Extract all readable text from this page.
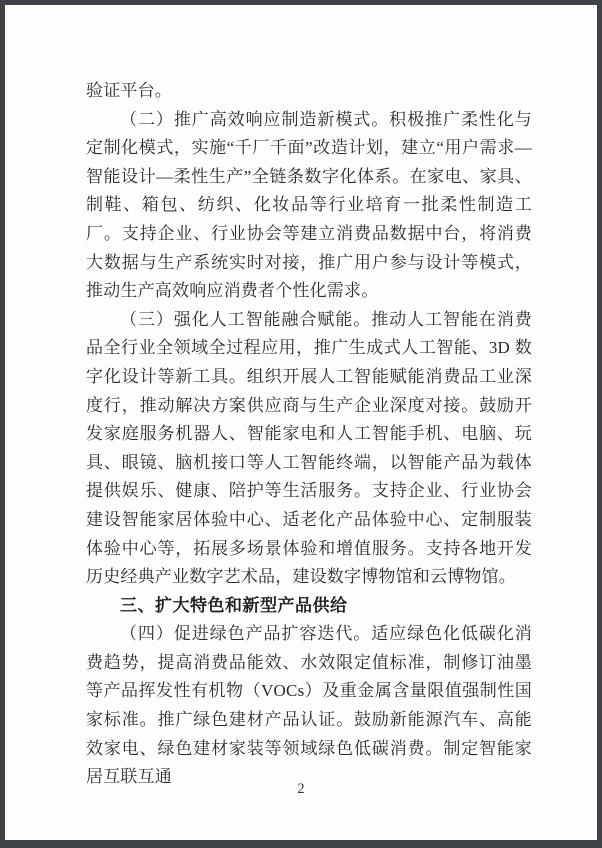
验证平台。

（二）推广高效响应制造新模式。积极推广柔性化与定制化模式，实施“千厂千面”改造计划，建立“用户需求—智能设计—柔性生产”全链条数字化体系。在家电、家具、制鞋、箱包、纺织、化妆品等行业培育一批柔性制造工厂。支持企业、行业协会等建立消费品数据中台，将消费大数据与生产系统实时对接，推广用户参与设计等模式，推动生产高效响应消费者个性化需求。

（三）强化人工智能融合赋能。推动人工智能在消费品全行业全领域全过程应用，推广生成式人工智能、3D 数字化设计等新工具。组织开展人工智能赋能消费品工业深度行，推动解决方案供应商与生产企业深度对接。鼓励开发家庭服务机器人、智能家电和人工智能手机、电脑、玩具、眼镜、脑机接口等人工智能终端，以智能产品为载体提供娱乐、健康、陪护等生活服务。支持企业、行业协会建设智能家居体验中心、适老化产品体验中心、定制服装体验中心等，拓展多场景体验和增值服务。支持各地开发历史经典产业数字艺术品，建设数字博物馆和云博物馆。

三、扩大特色和新型产品供给

（四）促进绿色产品扩容迭代。适应绿色化低碳化消费趋势，提高消费品能效、水效限定值标准，制修订油墨等产品挥发性有机物（VOCs）及重金属含量限值强制性国家标准。推广绿色建材产品认证。鼓励新能源汽车、高能效家电、绿色建材家装等领域绿色低碳消费。制定智能家居互联互通

2
